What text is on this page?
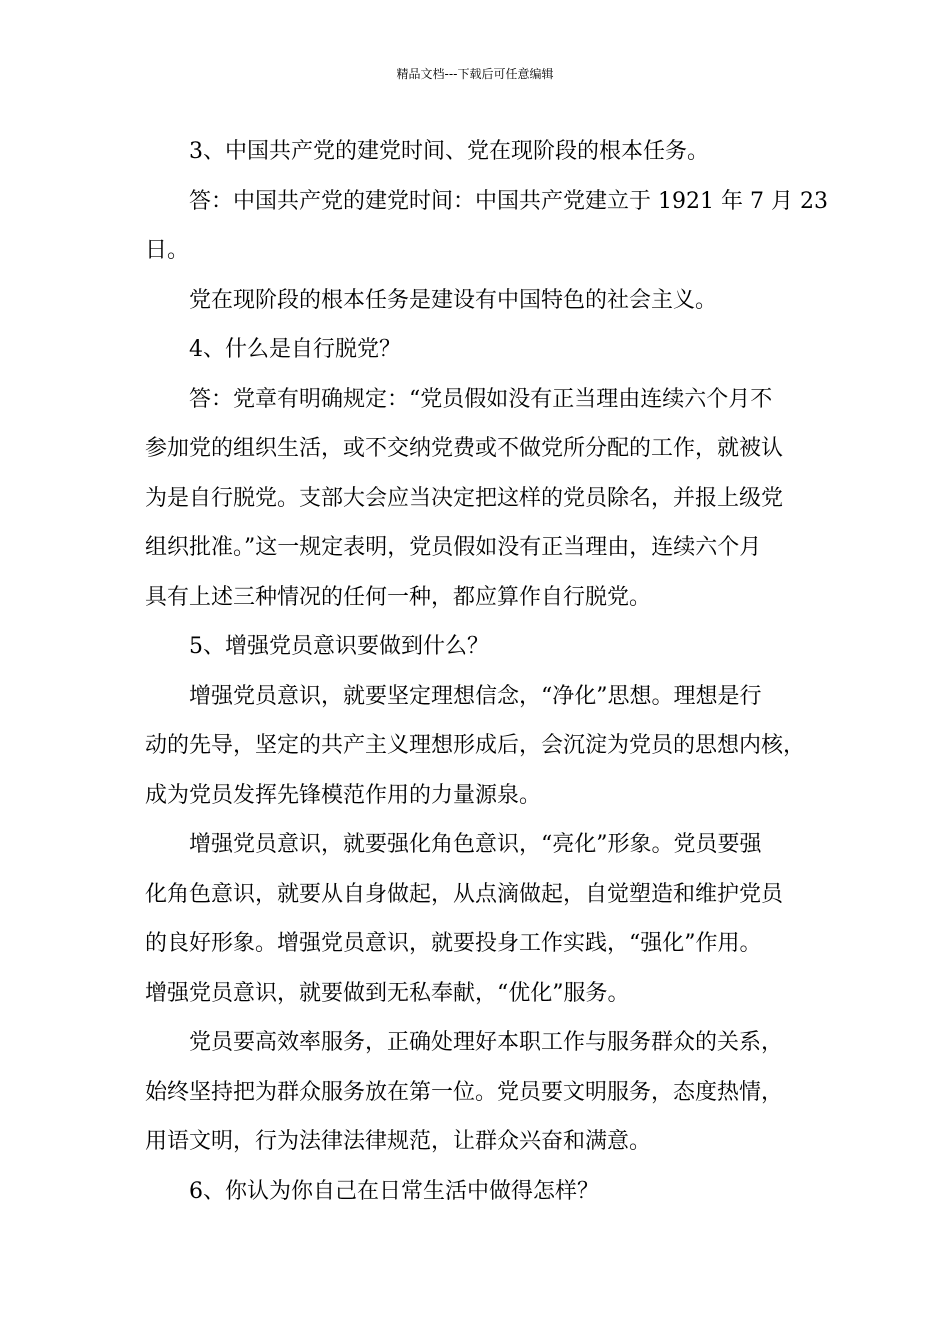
精品文档---下载后可任意编辑

3、中国共产党的建党时间、党在现阶段的根本任务。

答：中国共产党的建党时间：中国共产党建立于 1921 年 7 月 23
日。

党在现阶段的根本任务是建设有中国特色的社会主义。

4、什么是自行脱党？

答：党章有明确规定：“党员假如没有正当理由连续六个月不
参加党的组织生活，或不交纳党费或不做党所分配的工作，就被认
为是自行脱党。支部大会应当决定把这样的党员除名，并报上级党
组织批准。”这一规定表明，党员假如没有正当理由，连续六个月
具有上述三种情况的任何一种，都应算作自行脱党。

5、增强党员意识要做到什么？

增强党员意识，就要坚定理想信念，“净化”思想。理想是行
动的先导，坚定的共产主义理想形成后，会沉淀为党员的思想内核，
成为党员发挥先锋模范作用的力量源泉。

增强党员意识，就要强化角色意识，“亮化”形象。党员要强
化角色意识，就要从自身做起，从点滴做起，自觉塑造和维护党员
的良好形象。增强党员意识，就要投身工作实践，“强化”作用。
增强党员意识，就要做到无私奉献，“优化”服务。

党员要高效率服务，正确处理好本职工作与服务群众的关系，
始终坚持把为群众服务放在第一位。党员要文明服务，态度热情，
用语文明，行为法律法律规范，让群众兴奋和满意。

6、你认为你自己在日常生活中做得怎样？
